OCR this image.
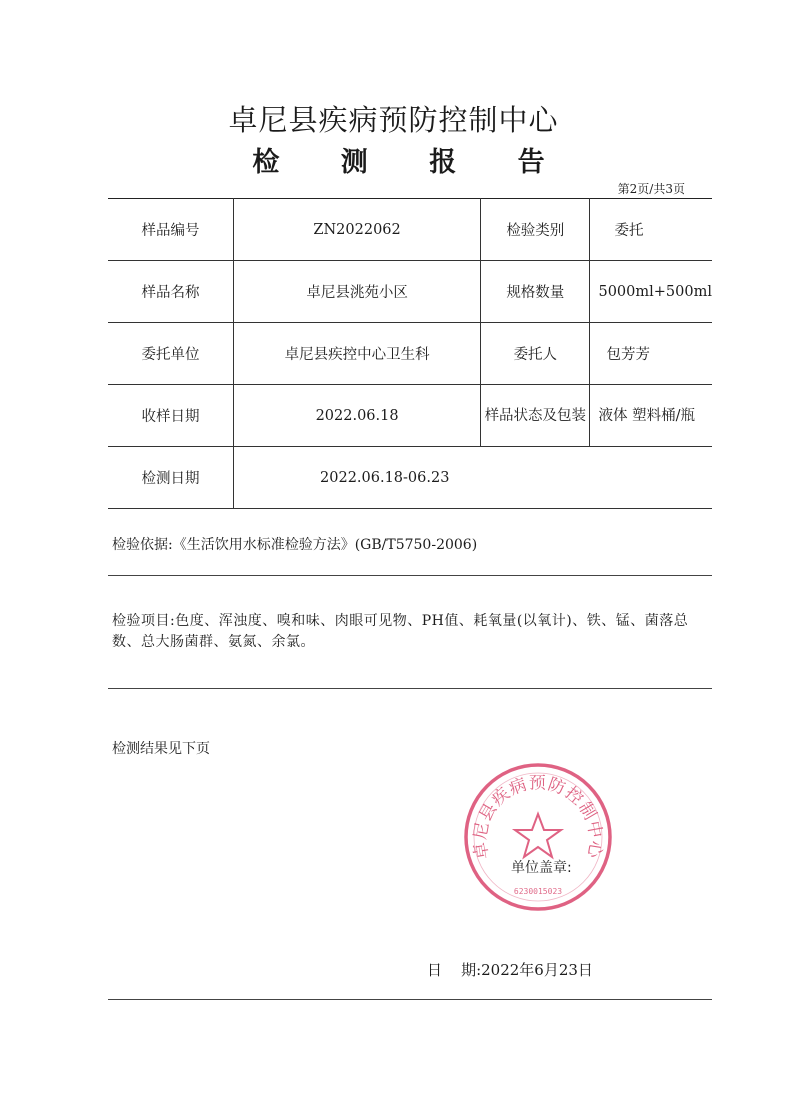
卓尼县疾病预防控制中心
检 测 报 告
第2页/共3页
样品编号	ZN2022062	检验类别	委托
样品名称	卓尼县洮苑小区	规格数量	5000ml+500ml
委托单位	卓尼县疾控中心卫生科	委托人	包芳芳
收样日期	2022.06.18	样品状态及包装	液体 塑料桶/瓶
检测日期	2022.06.18-06.23		
检验依据:《生活饮用水标准检验方法》(GB/T5750-2006)
检验项目:色度、浑浊度、嗅和味、肉眼可见物、PH值、耗氧量(以氧计)、铁、锰、菌落总数、总大肠菌群、氨氮、余氯。
检测结果见下页
卓尼县疾病预防控制中心
6230015023
单位盖章:
日    期:2022年6月23日
